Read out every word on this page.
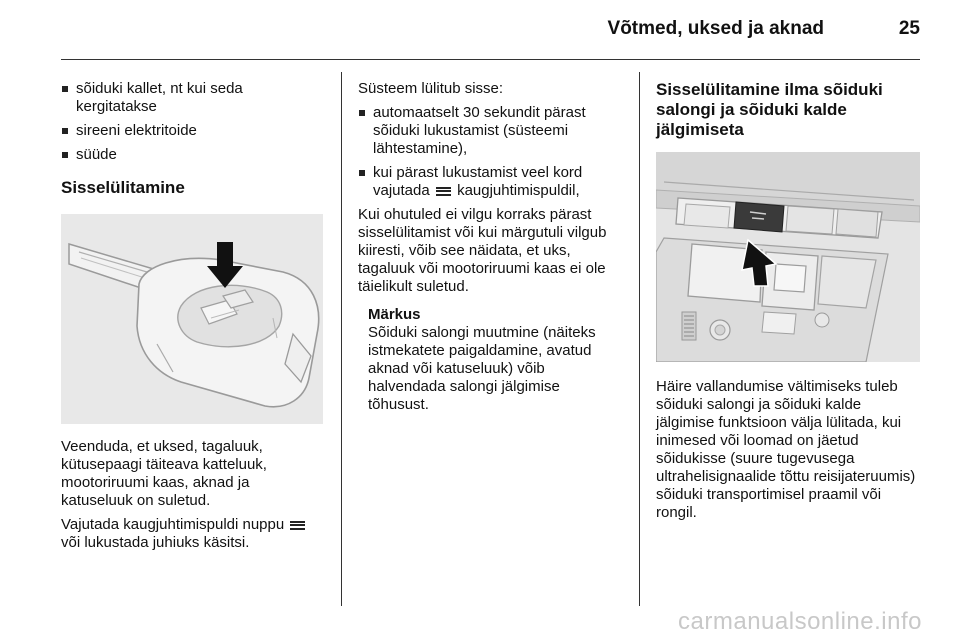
Võtmed, uksed ja aknad	25
sõiduki kallet, nt kui seda kergitatakse
sireeni elektritoide
süüde
Sisselülitamine

Veenduda, et uksed, tagaluuk, kütusepaagi täiteava katteluuk, mootoriruumi kaas, aknad ja katuseluuk on suletud.

Vajutada kaugjuhtimispuldi nuppu  või lukustada juhiuks käsitsi.

Süsteem lülitub sisse:

automaatselt 30 sekundit pärast sõiduki lukustamist (süsteemi lähtestamine),
kui pärast lukustamist veel kord vajutada kaugjuhtimispuldil,

Kui ohutuled ei vilgu korraks pärast sisselülitamist või kui märgutuli vilgub kiiresti, võib see näidata, et uks, tagaluuk või mootoriruumi kaas ei ole täielikult suletud.

Märkus
Sõiduki salongi muutmine (näiteks istmekatete paigaldamine, avatud aknad või katuseluuk) võib halvendada salongi jälgimise tõhusust.
Sisselülitamine ilma sõiduki salongi ja sõiduki kalde jälgimiseta

Häire vallandumise vältimiseks tuleb sõiduki salongi ja sõiduki kalde jälgimise funktsioon välja lülitada, kui inimesed või loomad on jäetud sõidukisse (suure tugevusega ultrahelisignaalide tõttu reisijateruumis) sõiduki transportimisel praamil või rongil.

carmanualsonline.info
